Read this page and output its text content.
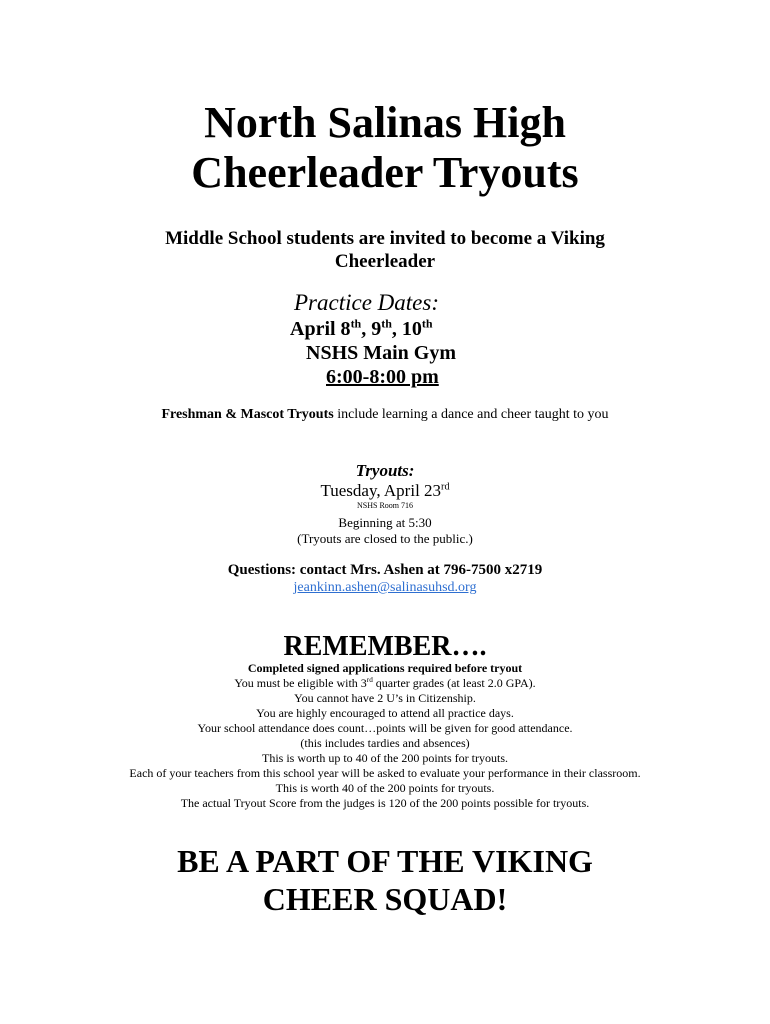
North Salinas High
Cheerleader Tryouts
Middle School students are invited to become a Viking
Cheerleader
Practice Dates:
April 8th, 9th, 10th
NSHS Main Gym
6:00-8:00 pm
Freshman & Mascot Tryouts include learning a dance and cheer taught to you
Tryouts:
Tuesday, April 23rd
NSHS Room 716
Beginning at 5:30
(Tryouts are closed to the public.)
Questions: contact Mrs. Ashen at 796-7500 x2719
jeankinn.ashen@salinasuhsd.org
REMEMBER….
Completed signed applications required before tryout
You must be eligible with 3rd quarter grades (at least 2.0 GPA).
You cannot have 2 U’s in Citizenship.
You are highly encouraged to attend all practice days.
Your school attendance does count…points will be given for good attendance.
(this includes tardies and absences)
This is worth up to 40 of the 200 points for tryouts.
Each of your teachers from this school year will be asked to evaluate your performance in their classroom.
This is worth 40 of the 200 points for tryouts.
The actual Tryout Score from the judges is 120 of the 200 points possible for tryouts.
BE A PART OF THE VIKING
CHEER SQUAD!
